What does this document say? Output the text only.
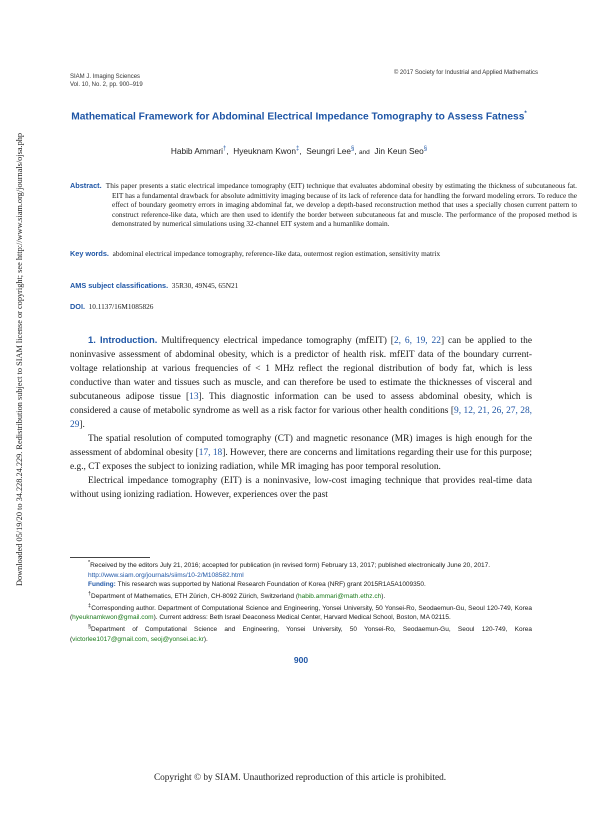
Downloaded 05/19/20 to 34.228.24.229. Redistribution subject to SIAM license or copyright; see http://www.siam.org/journals/ojsa.php
SIAM J. Imaging Sciences
Vol. 10, No. 2, pp. 900–919
© 2017 Society for Industrial and Applied Mathematics
Mathematical Framework for Abdominal Electrical Impedance Tomography to Assess Fatness*
Habib Ammari†,  Hyeuknam Kwon‡,  Seungri Lee§, and Jin Keun Seo§
Abstract. This paper presents a static electrical impedance tomography (EIT) technique that evaluates abdominal obesity by estimating the thickness of subcutaneous fat. EIT has a fundamental drawback for absolute admittivity imaging because of its lack of reference data for handling the forward modeling errors. To reduce the effect of boundary geometry errors in imaging abdominal fat, we develop a depth-based reconstruction method that uses a specially chosen current pattern to construct reference-like data, which are then used to identify the border between subcutaneous fat and muscle. The performance of the proposed method is demonstrated by numerical simulations using 32-channel EIT system and a humanlike domain.
Key words. abdominal electrical impedance tomography, reference-like data, outermost region estimation, sensitivity matrix
AMS subject classifications. 35R30, 49N45, 65N21
DOI. 10.1137/16M1085826

1. Introduction. Multifrequency electrical impedance tomography (mfEIT) [2, 6, 19, 22] can be applied to the noninvasive assessment of abdominal obesity, which is a predictor of health risk. mfEIT data of the boundary current-voltage relationship at various frequencies of < 1 MHz reflect the regional distribution of body fat, which is less conductive than water and tissues such as muscle, and can therefore be used to estimate the thicknesses of visceral and subcutaneous adipose tissue [13]. This diagnostic information can be used to assess abdominal obesity, which is considered a cause of metabolic syndrome as well as a risk factor for various other health conditions [9, 12, 21, 26, 27, 28, 29].

The spatial resolution of computed tomography (CT) and magnetic resonance (MR) images is high enough for the assessment of abdominal obesity [17, 18]. However, there are concerns and limitations regarding their use for this purpose; e.g., CT exposes the subject to ionizing radiation, while MR imaging has poor temporal resolution.

Electrical impedance tomography (EIT) is a noninvasive, low-cost imaging technique that provides real-time data without using ionizing radiation. However, experiences over the past

*Received by the editors July 21, 2016; accepted for publication (in revised form) February 13, 2017; published electronically June 20, 2017.

http://www.siam.org/journals/siims/10-2/M108582.html

Funding: This research was supported by National Research Foundation of Korea (NRF) grant 2015R1A5A1009350.

†Department of Mathematics, ETH Zürich, CH-8092 Zürich, Switzerland (habib.ammari@math.ethz.ch).

‡Corresponding author. Department of Computational Science and Engineering, Yonsei University, 50 Yonsei-Ro, Seodaemun-Gu, Seoul 120-749, Korea (hyeuknamkwon@gmail.com). Current address: Beth Israel Deaconess Medical Center, Harvard Medical School, Boston, MA 02115.

§Department of Computational Science and Engineering, Yonsei University, 50 Yonsei-Ro, Seodaemun-Gu, Seoul 120-749, Korea (victorlee1017@gmail.com, seoj@yonsei.ac.kr).

900
Copyright © by SIAM. Unauthorized reproduction of this article is prohibited.
